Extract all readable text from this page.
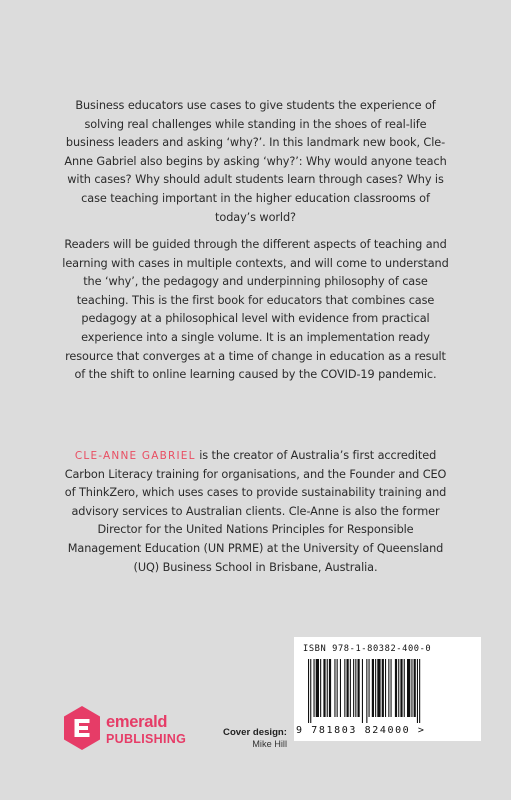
Business educators use cases to give students the experience of solving real challenges while standing in the shoes of real-life business leaders and asking ‘why?’. In this landmark new book, Cle-Anne Gabriel also begins by asking ‘why?’: Why would anyone teach with cases? Why should adult students learn through cases? Why is case teaching important in the higher education classrooms of today’s world?

Readers will be guided through the different aspects of teaching and learning with cases in multiple contexts, and will come to understand the ‘why’, the pedagogy and underpinning philosophy of case teaching. This is the first book for educators that combines case pedagogy at a philosophical level with evidence from practical experience into a single volume. It is an implementation ready resource that converges at a time of change in education as a result of the shift to online learning caused by the COVID-19 pandemic.

CLE-ANNE GABRIEL is the creator of Australia’s first accredited Carbon Literacy training for organisations, and the Founder and CEO of ThinkZero, which uses cases to provide sustainability training and advisory services to Australian clients. Cle-Anne is also the former Director for the United Nations Principles for Responsible Management Education (UN PRME) at the University of Queensland (UQ) Business School in Brisbane, Australia.

ISBN 978-1-80382-400-0
9 781803 824000 >
emerald
PUBLISHING	Cover design:
Mike Hill
